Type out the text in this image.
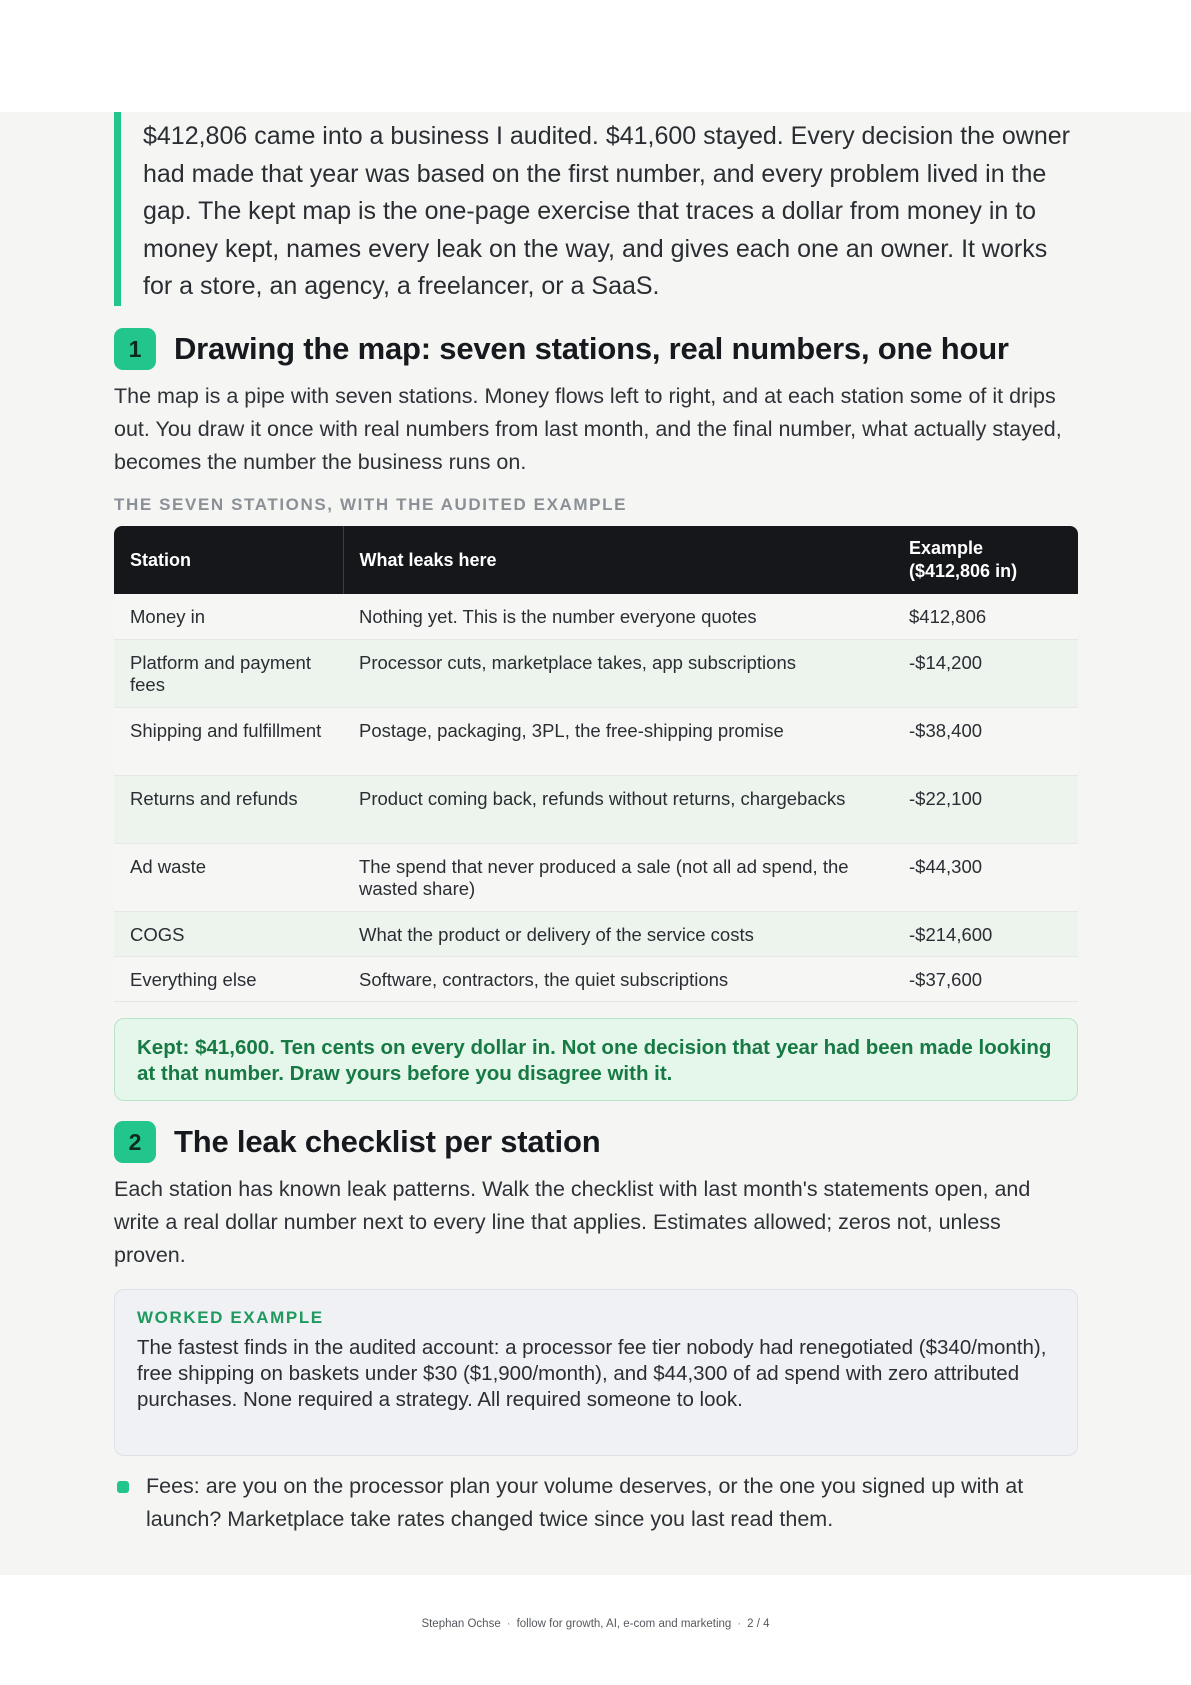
$412,806 came into a business I audited. $41,600 stayed. Every decision the owner had made that year was based on the first number, and every problem lived in the gap. The kept map is the one-page exercise that traces a dollar from money in to money kept, names every leak on the way, and gives each one an owner. It works for a store, an agency, a freelancer, or a SaaS.
1	Drawing the map: seven stations, real numbers, one hour
The map is a pipe with seven stations. Money flows left to right, and at each station some of it drips out. You draw it once with real numbers from last month, and the final number, what actually stayed, becomes the number the business runs on.
THE SEVEN STATIONS, WITH THE AUDITED EXAMPLE
Station	What leaks here	Example ($412,806 in)
Money in	Nothing yet. This is the number everyone quotes	$412,806
Platform and payment fees	Processor cuts, marketplace takes, app subscriptions	-$14,200
Shipping and fulfillment	Postage, packaging, 3PL, the free-shipping promise	-$38,400
Returns and refunds	Product coming back, refunds without returns, chargebacks	-$22,100
Ad waste	The spend that never produced a sale (not all ad spend, the wasted share)	-$44,300
COGS	What the product or delivery of the service costs	-$214,600
Everything else	Software, contractors, the quiet subscriptions	-$37,600
Kept: $41,600. Ten cents on every dollar in. Not one decision that year had been made looking at that number. Draw yours before you disagree with it.
2	The leak checklist per station
Each station has known leak patterns. Walk the checklist with last month's statements open, and write a real dollar number next to every line that applies. Estimates allowed; zeros not, unless proven.
WORKED EXAMPLE
The fastest finds in the audited account: a processor fee tier nobody had renegotiated ($340/month), free shipping on baskets under $30 ($1,900/month), and $44,300 of ad spend with zero attributed purchases. None required a strategy. All required someone to look.
Fees: are you on the processor plan your volume deserves, or the one you signed up with at launch? Marketplace take rates changed twice since you last read them.
Stephan Ochse · follow for growth, AI, e-com and marketing · 2 / 4
